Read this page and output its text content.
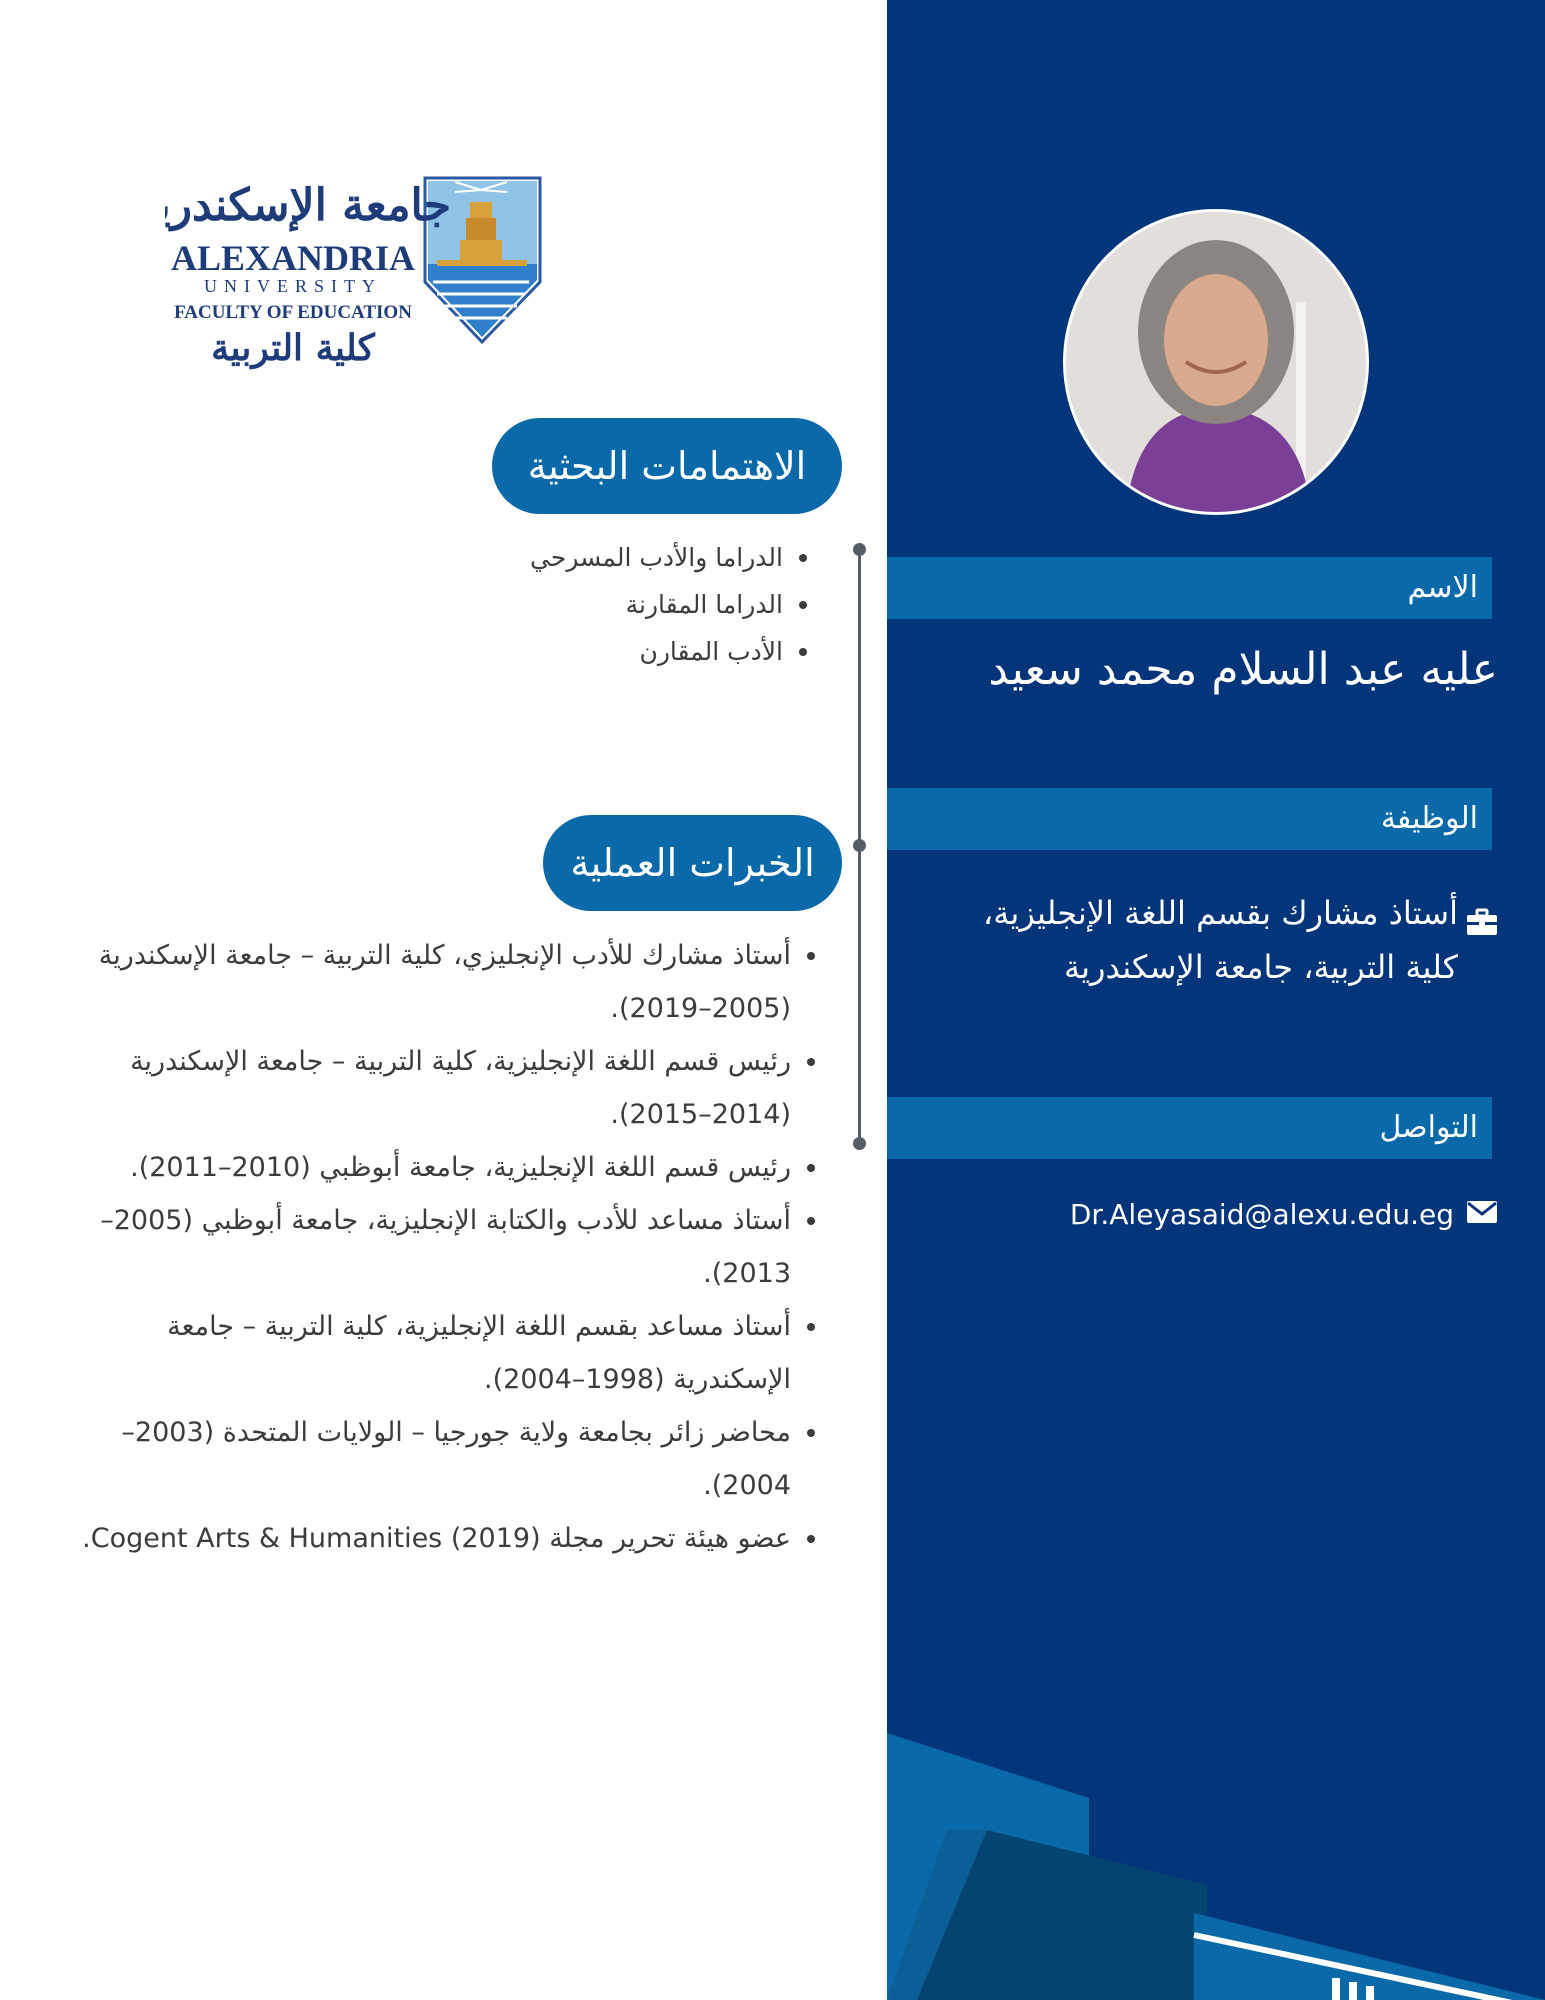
جامعة الإسكندرية
ALEXANDRIA
UNIVERSITY
FACULTY OF EDUCATION
كلية التربية
الاهتمامات البحثية
الدراما والأدب المسرحي
الدراما المقارنة
الأدب المقارن
الخبرات العملية
أستاذ مشارك للأدب الإنجليزي، كلية التربية – جامعة الإسكندرية (2005–2019).
رئيس قسم اللغة الإنجليزية، كلية التربية – جامعة الإسكندرية (2014–2015).
رئيس قسم اللغة الإنجليزية، جامعة أبوظبي (2010–2011).
أستاذ مساعد للأدب والكتابة الإنجليزية، جامعة أبوظبي (2005–2013).
أستاذ مساعد بقسم اللغة الإنجليزية، كلية التربية – جامعة الإسكندرية (1998–2004).
محاضر زائر بجامعة ولاية جورجيا – الولايات المتحدة (2003–2004).
عضو هيئة تحرير مجلة Cogent Arts & Humanities (2019).
الاسم
عليه عبد السلام محمد سعيد
الوظيفة
أستاذ مشارك بقسم اللغة الإنجليزية، كلية التربية، جامعة الإسكندرية
التواصل
Dr.Aleyasaid@alexu.edu.eg
